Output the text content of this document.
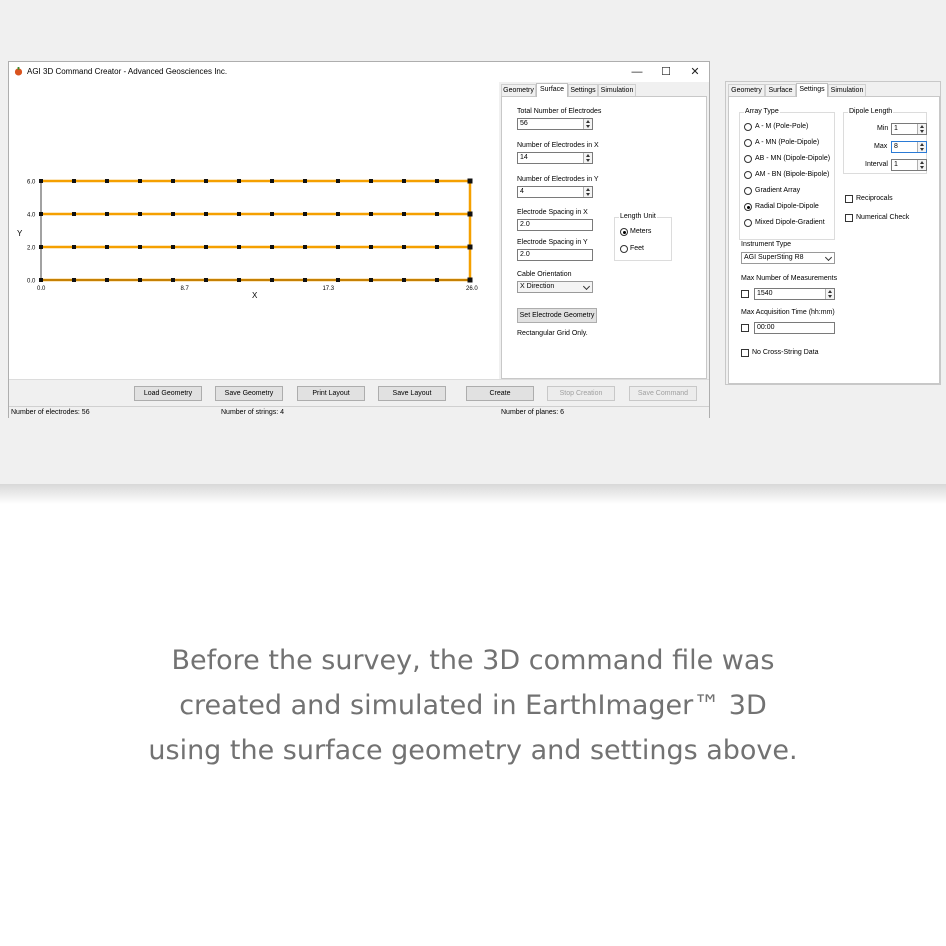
AGI 3D Command Creator - Advanced Geosciences Inc.	—	☐	✕
Y
X
6.0
4.0
2.0
0.0
0.0	8.7	17.3	26.0
Geometry Surface Settings Simulation
Total Number of Electrodes
56
Number of Electrodes in X
14
Number of Electrodes in Y
4
Electrode Spacing in X
2.0
Electrode Spacing in Y
2.0
Length Unit
Meters
Feet
Cable Orientation
X Direction
Set Electrode Geometry
Rectangular Grid Only.
Load Geometry	Save Geometry	Print Layout	Save Layout	Create	Stop Creation	Save Command
Number of electrodes: 56	Number of strings: 4	Number of planes: 6
Geometry Surface Settings Simulation
Array Type
A - M (Pole-Pole)
A - MN (Pole-Dipole)
AB - MN (Dipole-Dipole)
AM - BN (Bipole-Bipole)
Gradient Array
Radial Dipole-Dipole
Mixed Dipole-Gradient
Dipole Length
Min 1
Max 8
Interval 1
Reciprocals
Numerical Check
Instrument Type
AGI SuperSting R8
Max Number of Measurements
1540
Max Acquisition Time (hh:mm)
00:00
No Cross-String Data
Before the survey, the 3D command file was
created and simulated in EarthImager™ 3D
using the surface geometry and settings above.
